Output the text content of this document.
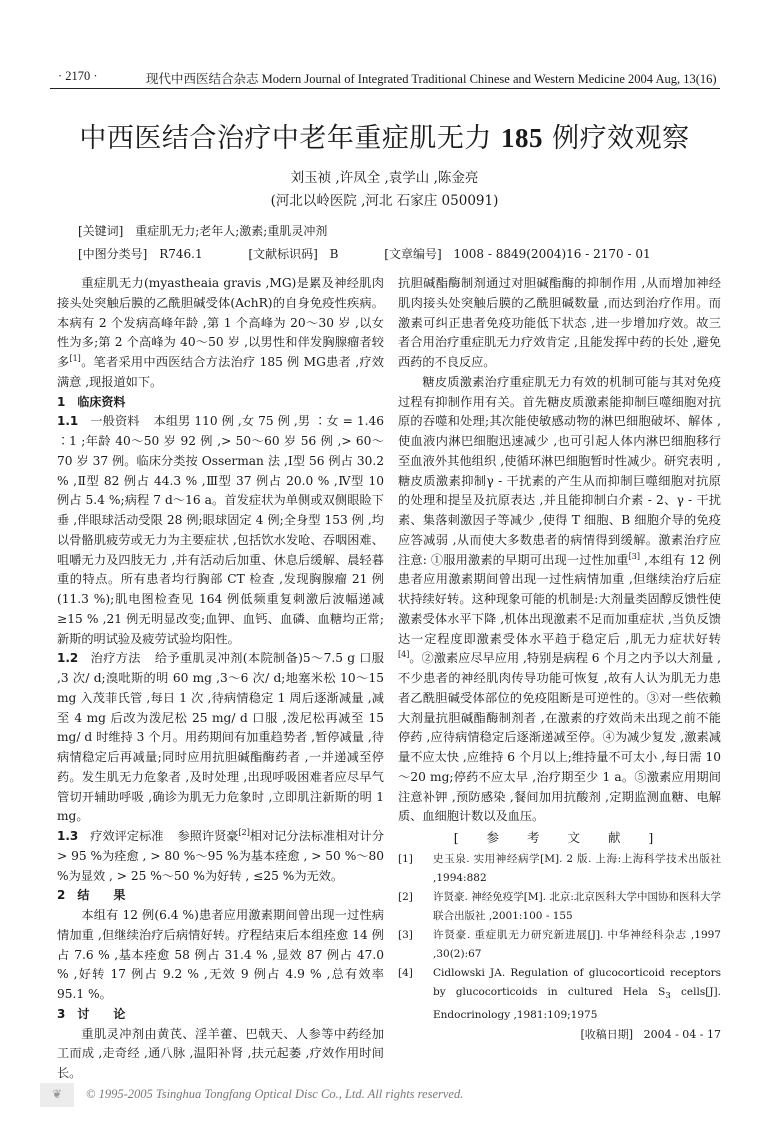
· 2170 ·	现代中西医结合杂志 Modern Journal of Integrated Traditional Chinese and Western Medicine 2004 Aug, 13(16)
中西医结合治疗中老年重症肌无力 185 例疗效观察
刘玉祯 ,许凤全 ,袁学山 ,陈金亮
(河北以岭医院 ,河北 石家庄 050091)
[关键词] 重症肌无力;老年人;激素;重肌灵冲剂
[中图分类号] R746.1	[文献标识码] B	[文章编号] 1008 - 8849(2004)16 - 2170 - 01

重症肌无力(myastheaia gravis ,MG)是累及神经肌肉接头处突触后膜的乙酰胆碱受体(AchR)的自身免疫性疾病。本病有 2 个发病高峰年龄 ,第 1 个高峰为 20～30 岁 ,以女性为多;第 2 个高峰为 40～50 岁 ,以男性和伴发胸腺瘤者较多[1]。笔者采用中西医结合方法治疗 185 例 MG患者 ,疗效满意 ,现报道如下。

1　临床资料

1.1 一般资料 本组男 110 例 ,女 75 例 ,男 ∶女 = 1.46 ∶1 ;年龄 40～50 岁 92 例 ,> 50～60 岁 56 例 ,> 60～70 岁 37 例。临床分类按 Osserman 法 ,Ⅰ型 56 例占 30.2 % ,Ⅱ型 82 例占 44.3 % ,Ⅲ型 37 例占 20.0 % ,Ⅳ型 10 例占 5.4 %;病程 7 d～16 a。首发症状为单侧或双侧眼睑下垂 ,伴眼球活动受限 28 例;眼球固定 4 例;全身型 153 例 ,均以骨骼肌疲劳或无力为主要症状 ,包括饮水发呛、吞咽困难、咀嚼无力及四肢无力 ,并有活动后加重、休息后缓解、晨轻暮重的特点。所有患者均行胸部 CT 检查 ,发现胸腺瘤 21 例(11.3 %);肌电图检查见 164 例低频重复刺激后波幅递减 ≥15 % ,21 例无明显改变;血钾、血钙、血磷、血糖均正常;新斯的明试验及疲劳试验均阳性。

1.2 治疗方法 给予重肌灵冲剂(本院制备)5～7.5 g 口服 ,3 次/ d;溴吡斯的明 60 mg ,3～6 次/ d;地塞米松 10～15 mg 入茂菲氏管 ,每日 1 次 ,待病情稳定 1 周后逐渐减量 ,减至 4 mg 后改为泼尼松 25 mg/ d 口服 ,泼尼松再减至 15 mg/ d 时维持 3 个月。用药期间有加重趋势者 ,暂停减量 ,待病情稳定后再减量;同时应用抗胆碱酯酶药者 ,一并递减至停药。发生肌无力危象者 ,及时处理 ,出现呼吸困难者应尽早气管切开辅助呼吸 ,确诊为肌无力危象时 ,立即肌注新斯的明 1 mg。

1.3 疗效评定标准 参照许贤豪[2]相对记分法标准相对计分 > 95 %为痊愈 , > 80 %～95 %为基本痊愈 , > 50 %～80 %为显效 , > 25 %～50 %为好转 , ≤25 %为无效。

2　结　　果

本组有 12 例(6.4 %)患者应用激素期间曾出现一过性病情加重 ,但继续治疗后病情好转。疗程结束后本组痊愈 14 例占 7.6 % ,基本痊愈 58 例占 31.4 % ,显效 87 例占 47.0 % ,好转 17 例占 9.2 % ,无效 9 例占 4.9 % ,总有效率 95.1 %。

3　讨　　论

重肌灵冲剂由黄芪、淫羊藿、巴戟天、人参等中药经加工而成 ,走奇经 ,通八脉 ,温阳补肾 ,扶元起萎 ,疗效作用时间长。

抗胆碱酯酶制剂通过对胆碱酯酶的抑制作用 ,从而增加神经肌肉接头处突触后膜的乙酰胆碱数量 ,而达到治疗作用。而激素可纠正患者免疫功能低下状态 ,进一步增加疗效。故三者合用治疗重症肌无力疗效肯定 ,且能发挥中药的长处 ,避免西药的不良反应。

糖皮质激素治疗重症肌无力有效的机制可能与其对免疫过程有抑制作用有关。首先糖皮质激素能抑制巨噬细胞对抗原的吞噬和处理;其次能使敏感动物的淋巴细胞破坏、解体 ,使血液内淋巴细胞迅速减少 ,也可引起人体内淋巴细胞移行至血液外其他组织 ,使循环淋巴细胞暂时性减少。研究表明 ,糖皮质激素抑制γ - 干扰素的产生从而抑制巨噬细胞对抗原的处理和提呈及抗原表达 ,并且能抑制白介素 - 2、γ - 干扰素、集落刺激因子等减少 ,使得 T 细胞、B 细胞介导的免疫应答减弱 ,从而使大多数患者的病情得到缓解。激素治疗应注意: ①服用激素的早期可出现一过性加重[3] ,本组有 12 例患者应用激素期间曾出现一过性病情加重 ,但继续治疗后症状持续好转。这种现象可能的机制是:大剂量类固醇反馈性使激素受体水平下降 ,机体出现激素不足而加重症状 ,当负反馈达一定程度即激素受体水平趋于稳定后 ,肌无力症状好转[4]。②激素应尽早应用 ,特别是病程 6 个月之内予以大剂量 ,不少患者的神经肌肉传导功能可恢复 ,故有人认为肌无力患者乙酰胆碱受体部位的免疫阻断是可逆性的。③对一些依赖大剂量抗胆碱酯酶制剂者 ,在激素的疗效尚未出现之前不能停药 ,应待病情稳定后逐渐递减至停。④为减少复发 ,激素减量不应太快 ,应维持 6 个月以上;维持量不可太小 ,每日需 10～20 mg;停药不应太早 ,治疗期至少 1 a。⑤激素应用期间注意补钾 ,预防感染 ,餐间加用抗酸剂 ,定期监测血糖、电解质、血细胞计数以及血压。

[ 参 考 文 献 ]

[1] 史玉泉. 实用神经病学[M]. 2 版. 上海:上海科学技术出版社 ,1994:882

[2] 许贤豪. 神经免疫学[M]. 北京:北京医科大学中国协和医科大学联合出版社 ,2001:100 - 155

[3] 许贤豪. 重症肌无力研究新进展[J]. 中华神经科杂志 ,1997 ,30(2):67

[4] Cidlowski JA. Regulation of glucocorticoid receptors by glucocorticoids in cultured Hela $S_3$ cells[J]. Endocrinology ,1981:109;1975

[收稿日期] 2004 - 04 - 17

❦	© 1995-2005 Tsinghua Tongfang Optical Disc Co., Ltd. All rights reserved.
